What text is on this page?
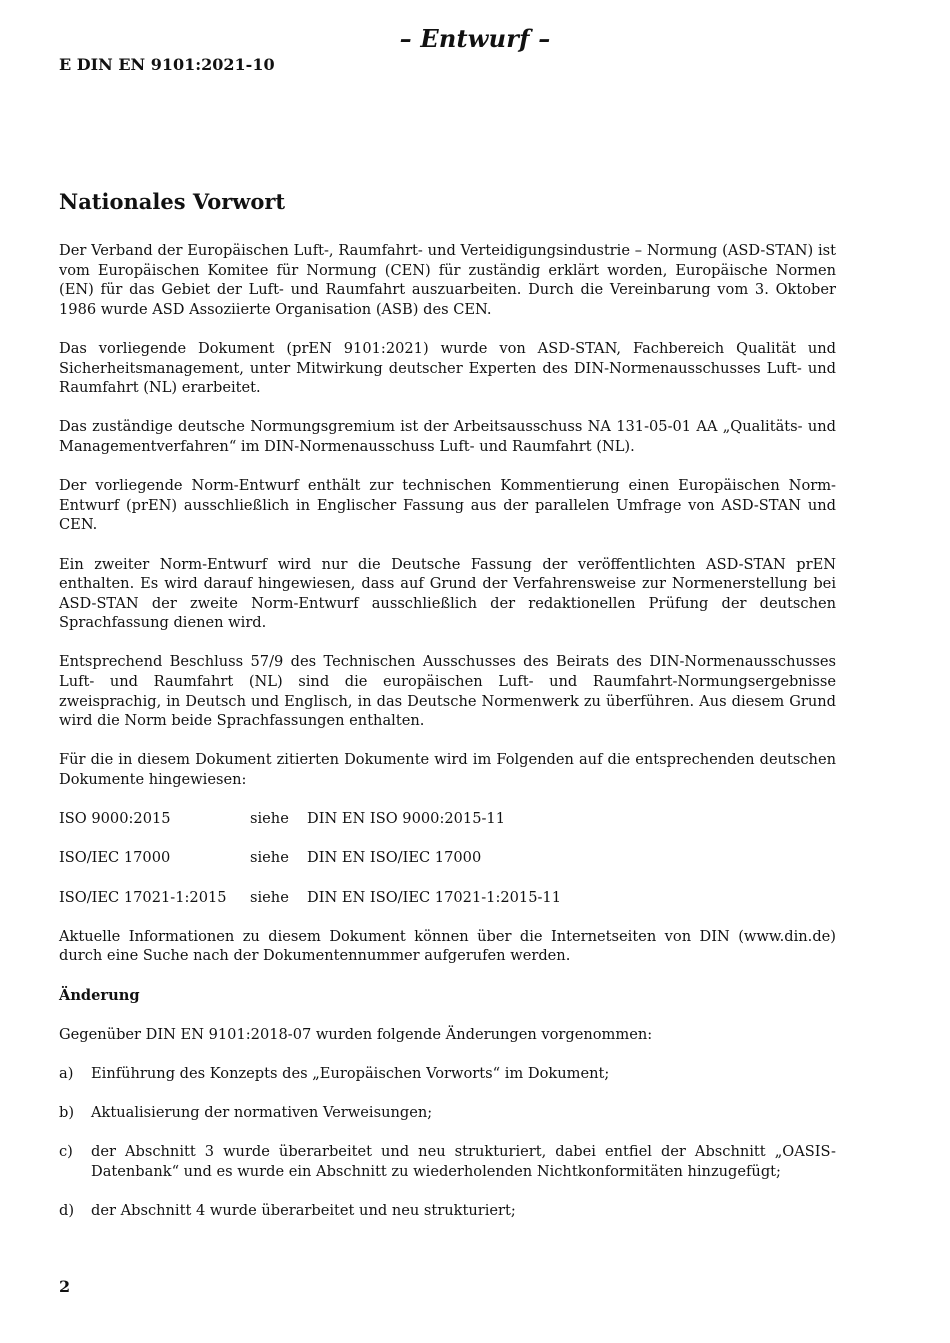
– Entwurf –
E DIN EN 9101:2021-10
Nationales Vorwort

Der Verband der Europäischen Luft-, Raumfahrt- und Verteidigungsindustrie – Normung (ASD-STAN) ist vom Europäischen Komitee für Normung (CEN) für zuständig erklärt worden, Europäische Normen (EN) für das Gebiet der Luft- und Raumfahrt auszuarbeiten. Durch die Vereinbarung vom 3. Oktober 1986 wurde ASD Assoziierte Organisation (ASB) des CEN.

Das vorliegende Dokument (prEN 9101:2021) wurde von ASD-STAN, Fachbereich Qualität und Sicherheitsmanagement, unter Mitwirkung deutscher Experten des DIN-Normenausschusses Luft- und Raumfahrt (NL) erarbeitet.

Das zuständige deutsche Normungsgremium ist der Arbeitsausschuss NA 131-05-01 AA „Qualitäts- und Managementverfahren“ im DIN-Normenausschuss Luft- und Raumfahrt (NL).

Der vorliegende Norm-Entwurf enthält zur technischen Kommentierung einen Europäischen Norm-Entwurf (prEN) ausschließlich in Englischer Fassung aus der parallelen Umfrage von ASD-STAN und CEN.

Ein zweiter Norm-Entwurf wird nur die Deutsche Fassung der veröffentlichten ASD-STAN prEN enthalten. Es wird darauf hingewiesen, dass auf Grund der Verfahrensweise zur Normenerstellung bei ASD-STAN der zweite Norm-Entwurf ausschließlich der redaktionellen Prüfung der deutschen Sprachfassung dienen wird.

Entsprechend Beschluss 57/9 des Technischen Ausschusses des Beirats des DIN-Normenausschusses Luft- und Raumfahrt (NL) sind die europäischen Luft- und Raumfahrt-Normungsergebnisse zweisprachig, in Deutsch und Englisch, in das Deutsche Normenwerk zu überführen. Aus diesem Grund wird die Norm beide Sprachfassungen enthalten.

Für die in diesem Dokument zitierten Dokumente wird im Folgenden auf die entsprechenden deutschen Dokumente hingewiesen:

ISO 9000:2015	siehe	DIN EN ISO 9000:2015-11
ISO/IEC 17000	siehe	DIN EN ISO/IEC 17000
ISO/IEC 17021-1:2015	siehe	DIN EN ISO/IEC 17021-1:2015-11

Aktuelle Informationen zu diesem Dokument können über die Internetseiten von DIN (www.din.de) durch eine Suche nach der Dokumentennummer aufgerufen werden.

Änderung

Gegenüber DIN EN 9101:2018-07 wurden folgende Änderungen vorgenommen:

a)	Einführung des Konzepts des „Europäischen Vorworts“ im Dokument;
b)	Aktualisierung der normativen Verweisungen;
c)	der Abschnitt 3 wurde überarbeitet und neu strukturiert, dabei entfiel der Abschnitt „OASIS-Datenbank“ und es wurde ein Abschnitt zu wiederholenden Nichtkonformitäten hinzugefügt;
d)	der Abschnitt 4 wurde überarbeitet und neu strukturiert;
2
